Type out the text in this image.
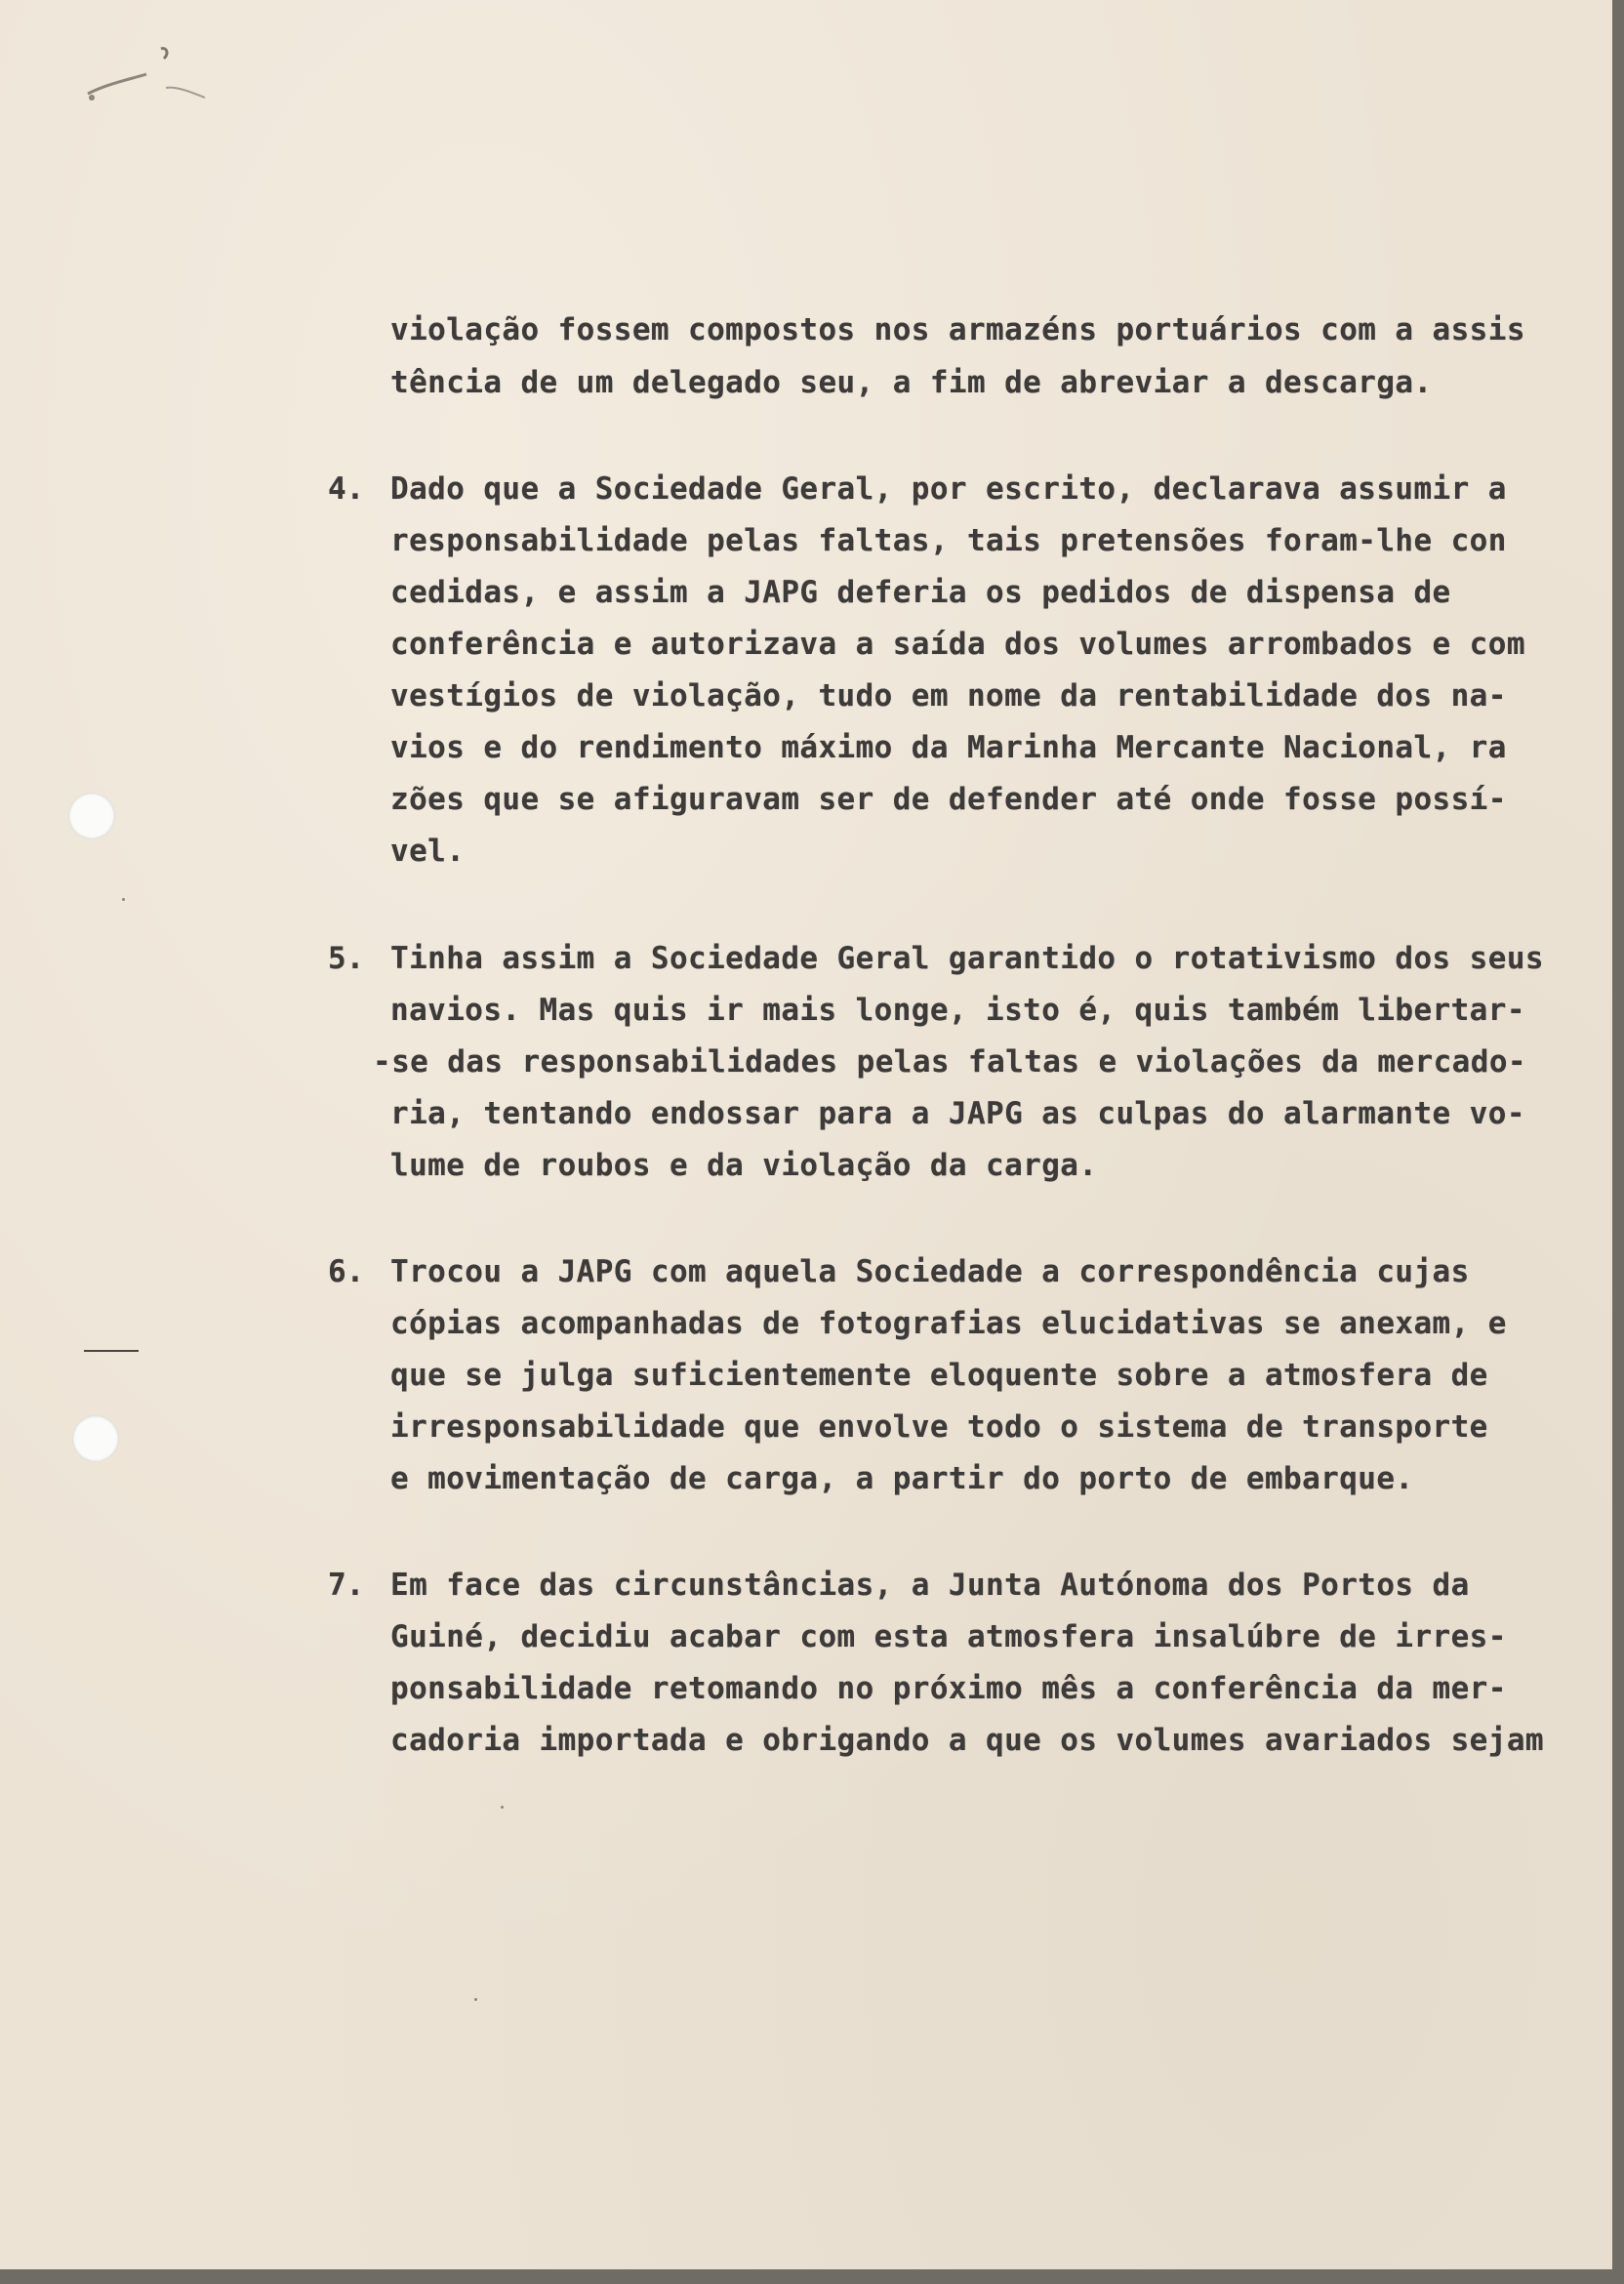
violação fossem compostos nos armazéns portuários com a assis
tência de um delegado seu, a fim de abreviar a descarga.
4. Dado que a Sociedade Geral, por escrito, declarava assumir a
responsabilidade pelas faltas, tais pretensões foram-lhe con
cedidas, e assim a JAPG deferia os pedidos de dispensa de
conferência e autorizava a saída dos volumes arrombados e com
vestígios de violação, tudo em nome da rentabilidade dos na-
vios e do rendimento máximo da Marinha Mercante Nacional, ra
zões que se afiguravam ser de defender até onde fosse possí-
vel.
5. Tinha assim a Sociedade Geral garantido o rotativismo dos seus
navios. Mas quis ir mais longe, isto é, quis também libertar-
-se das responsabilidades pelas faltas e violações da mercado-
ria, tentando endossar para a JAPG as culpas do alarmante vo-
lume de roubos e da violação da carga.
6. Trocou a JAPG com aquela Sociedade a correspondência cujas
cópias acompanhadas de fotografias elucidativas se anexam, e
que se julga suficientemente eloquente sobre a atmosfera de
irresponsabilidade que envolve todo o sistema de transporte
e movimentação de carga, a partir do porto de embarque.
7. Em face das circunstâncias, a Junta Autónoma dos Portos da
Guiné, decidiu acabar com esta atmosfera insalúbre de irres-
ponsabilidade retomando no próximo mês a conferência da mer-
cadoria importada e obrigando a que os volumes avariados sejam
